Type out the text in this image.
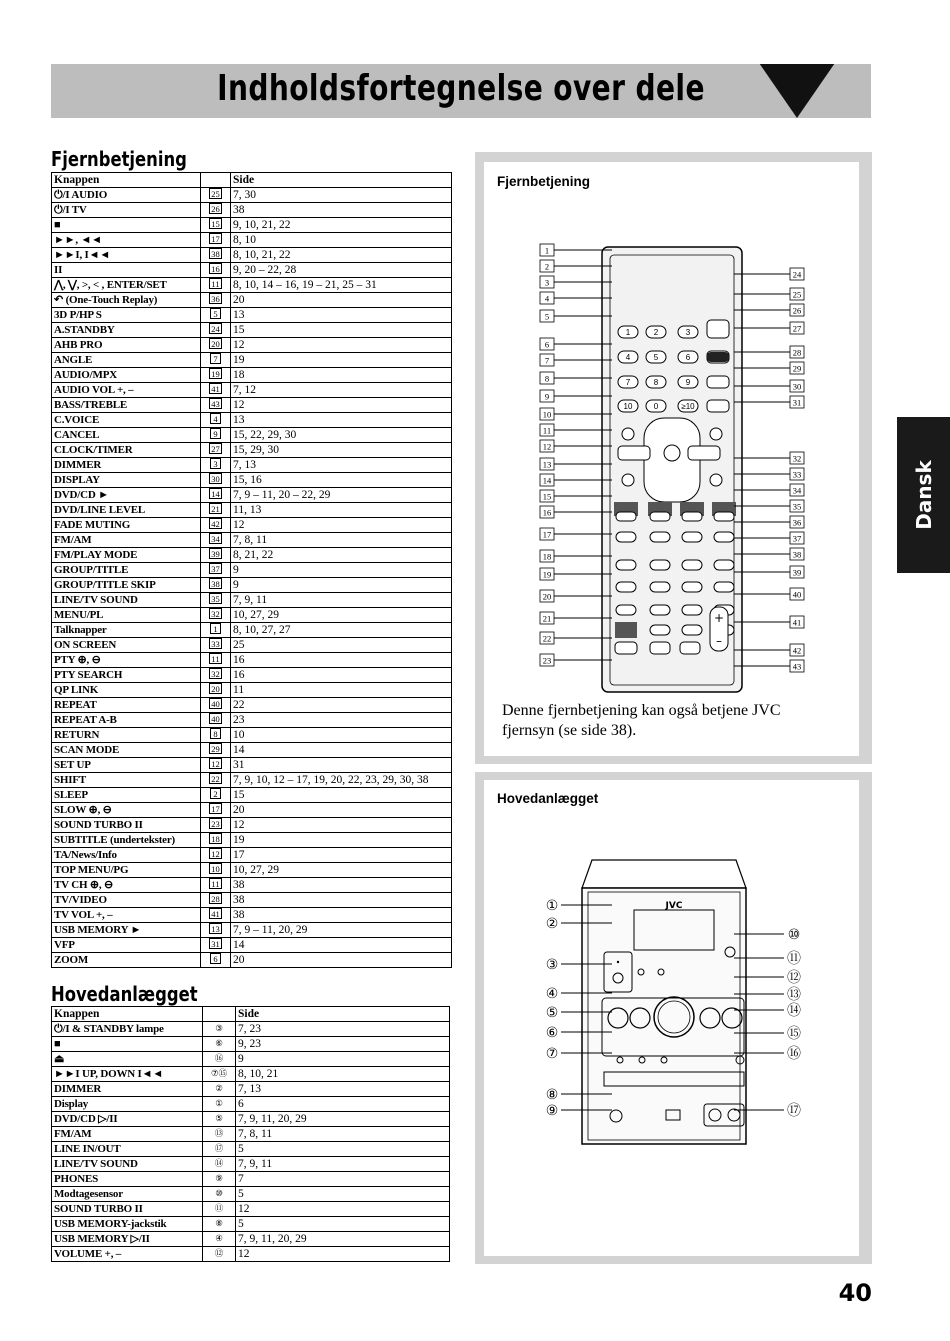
Indholdsfortegnelse over dele
Fjernbetjening
Knappen		Side
⏻/I AUDIO	25	7, 30
⏻/I TV	26	38
■	15	9, 10, 21, 22
►►, ◄◄	17	8, 10
►►I, I◄◄	38	8, 10, 21, 22
II	16	9, 20 – 22, 28
⋀, ⋁, >, < , ENTER/SET	11	8, 10, 14 – 16, 19 – 21, 25 – 31
↶ (One-Touch Replay)	36	20
3D P/HP S	5	13
A.STANDBY	24	15
AHB PRO	20	12
ANGLE	7	19
AUDIO/MPX	19	18
AUDIO VOL +, –	41	7, 12
BASS/TREBLE	43	12
C.VOICE	4	13
CANCEL	9	15, 22, 29, 30
CLOCK/TIMER	27	15, 29, 30
DIMMER	3	7, 13
DISPLAY	30	15, 16
DVD/CD ►	14	7, 9 – 11, 20 – 22, 29
DVD/LINE LEVEL	21	11, 13
FADE MUTING	42	12
FM/AM	34	7, 8, 11
FM/PLAY MODE	39	8, 21, 22
GROUP/TITLE	37	9
GROUP/TITLE SKIP	38	9
LINE/TV SOUND	35	7, 9, 11
MENU/PL	32	10, 27, 29
Talknapper	1	8, 10, 27, 27
ON SCREEN	33	25
PTY ⊕, ⊖	11	16
PTY SEARCH	32	16
QP LINK	20	11
REPEAT	40	22
REPEAT A-B	40	23
RETURN	8	10
SCAN MODE	29	14
SET UP	12	31
SHIFT	22	7, 9, 10, 12 – 17, 19, 20, 22, 23, 29, 30, 38
SLEEP	2	15
SLOW ⊕, ⊖	17	20
SOUND TURBO II	23	12
SUBTITLE (undertekster)	18	19
TA/News/Info	12	17
TOP MENU/PG	10	10, 27, 29
TV CH ⊕, ⊖	11	38
TV/VIDEO	28	38
TV VOL +, –	41	38
USB MEMORY ►	13	7, 9 – 11, 20, 29
VFP	31	14
ZOOM	6	20
Hovedanlægget
Knappen		Side
⏻/I & STANDBY lampe	③	7, 23
■	⑥	9, 23
⏏	⑯	9
►►I UP, DOWN I◄◄	⑦⑮	8, 10, 21
DIMMER	②	7, 13
Display	①	6
DVD/CD ▷/II	⑤	7, 9, 11, 20, 29
FM/AM	⑬	7, 8, 11
LINE IN/OUT	⑰	5
LINE/TV SOUND	⑭	7, 9, 11
PHONES	⑨	7
Modtagesensor	⑩	5
SOUND TURBO II	⑪	12
USB MEMORY-jackstik	⑧	5
USB MEMORY ▷/II	④	7, 9, 11, 20, 29
VOLUME +, –	⑫	12
Fjernbetjening
1	2	3
4	5	6
7	8	9
10	0	≥10
+
–
1
2
3
4
5
6
7
8
9
10
11
12
13
14
15
16
17
18
19
20
21
22
23
24
25
26
27
28
29
30
31
32
33
34
35
36
37
38
39
40
41
42
43
Denne fjernbetjening kan også betjene JVC
fjernsyn (se side 38).
Hovedanlægget
JVC
①
②
③
④
⑤
⑥
⑦
⑧
⑨
⑩
⑪
⑫
⑬
⑭
⑮
⑯
⑰
Dansk
40
